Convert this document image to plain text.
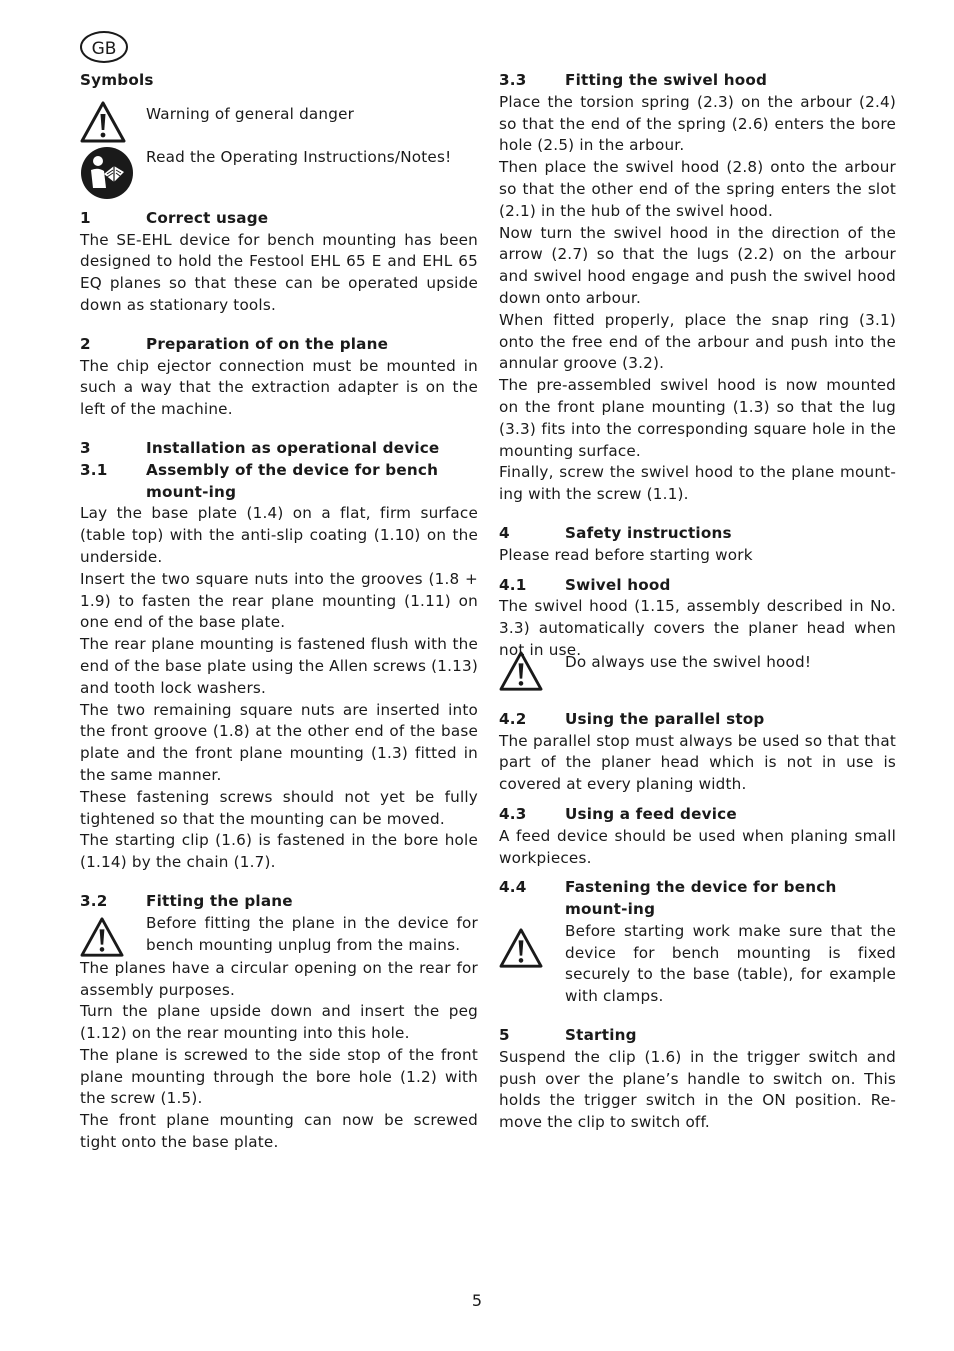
GB
Symbols

Warning of general danger

Read the Operating Instructions/Notes!

1	Correct usage

The SE-EHL device for bench mounting has been designed to hold the Festool EHL 65 E and EHL 65 EQ planes so that these can be operated upside down as stationary tools.

2	Preparation of on the plane

The chip ejector connection must be mounted in such a way that the extraction adapter is on the left of the machine.

3	Installation as operational device
3.1	Assembly of the device for bench mount-ing

Lay the base plate (1.4) on a flat, firm surface (table top) with the anti-slip coating (1.10) on the underside.

Insert the two square nuts into the grooves (1.8 + 1.9) to fasten the rear plane mounting (1.11) on one end of the base plate.

The rear plane mounting is fastened flush with the end of the base plate using the Allen screws (1.13) and tooth lock washers.

The two remaining square nuts are inserted into the front groove (1.8) at the other end of the base plate and the front plane mounting (1.3) fitted in the same manner.

These fastening screws should not yet be fully tightened so that the mounting can be moved.

The starting clip (1.6) is fastened in the bore hole (1.14) by the chain (1.7).

3.2	Fitting the plane

Before fitting the plane in the device for bench mounting unplug from the mains.

The planes have a circular opening on the rear for assembly purposes.

Turn the plane upside down and insert the peg (1.12) on the rear mounting into this hole.

The plane is screwed to the side stop of the front plane mounting through the bore hole (1.2) with the screw (1.5).

The front plane mounting can now be screwed tight onto the base plate.

3.3	Fitting the swivel hood

Place the torsion spring (2.3) on the arbour (2.4) so that the end of the spring (2.6) enters the bore hole (2.5) in the arbour.

Then place the swivel hood (2.8) onto the arbour so that the other end of the spring enters the slot (2.1) in the hub of the swivel hood.

Now turn the swivel hood in the direction of the arrow (2.7) so that the lugs (2.2) on the arbour and swivel hood engage and push the swivel hood down onto arbour.

When fitted properly, place the snap ring (3.1) onto the free end of the arbour and push into the annular groove (3.2).

The pre-assembled swivel hood is now mounted on the front plane mounting (1.3) so that the lug (3.3) fits into the corresponding square hole in the mounting surface.

Finally, screw the swivel hood to the plane mount-ing with the screw (1.1).

4	Safety instructions

Please read before starting work

4.1	Swivel hood

The swivel hood (1.15, assembly described in No. 3.3) automatically covers the planer head when not in use.

Do always use the swivel hood!

4.2	Using the parallel stop

The parallel stop must always be used so that that part of the planer head which is not in use is covered at every planing width.

4.3	Using a feed device

A feed device should be used when planing small workpieces.

4.4	Fastening the device for bench mount-ing

Before starting work make sure that the device for bench mounting is fixed securely to the base (table), for example with clamps.

5	Starting

Suspend the clip (1.6) in the trigger switch and push over the plane’s handle to switch on. This holds the trigger switch in the ON position. Re-move the clip to switch off.

5
